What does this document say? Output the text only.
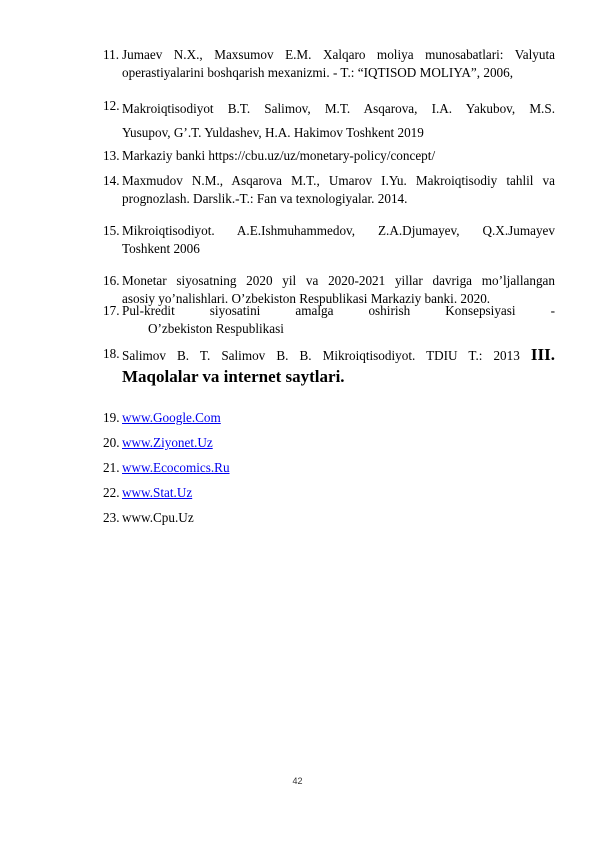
11. Jumaev N.X., Maxsumov E.M. Xalqaro moliya munosabatlari: Valyuta
operastiyalarini boshqarish mexanizmi. - T.: “IQTISOD MOLIYA”, 2006,
12. Makroiqtisodiyot B.T. Salimov, M.T. Asqarova, I.A. Yakubov, M.S.
Yusupov, G’.T. Yuldashev, H.A. Hakimov Toshkent 2019
13. Markaziy banki https://cbu.uz/uz/monetary-policy/concept/
14. Maxmudov N.M., Asqarova M.T., Umarov I.Yu. Makroiqtisodiy tahlil va
prognozlash. Darslik.-T.: Fan va texnologiyalar. 2014.
15. Mikroiqtisodiyot. A.E.Ishmuhammedov, Z.A.Djumayev, Q.X.Jumayev
Toshkent 2006
16. Monetar siyosatning 2020 yil va 2020-2021 yillar davriga mo’ljallangan
asosiy yo’nalishlari. O’zbekiston Respublikasi Markaziy banki. 2020.
19. www.Google.Com
20. www.Ziyonet.Uz
21. www.Ecocomics.Ru
22. www.Stat.Uz
23. www.Cpu.Uz
17. Pul-kredit siyosatini amalga oshirish Konsepsiyasi -
O’zbekiston Respublikasi
18. Salimov B. T. Salimov B. B. Mikroiqtisodiyot. TDIU T.: 2013 III.
Maqolalar va internet saytlari.
42
